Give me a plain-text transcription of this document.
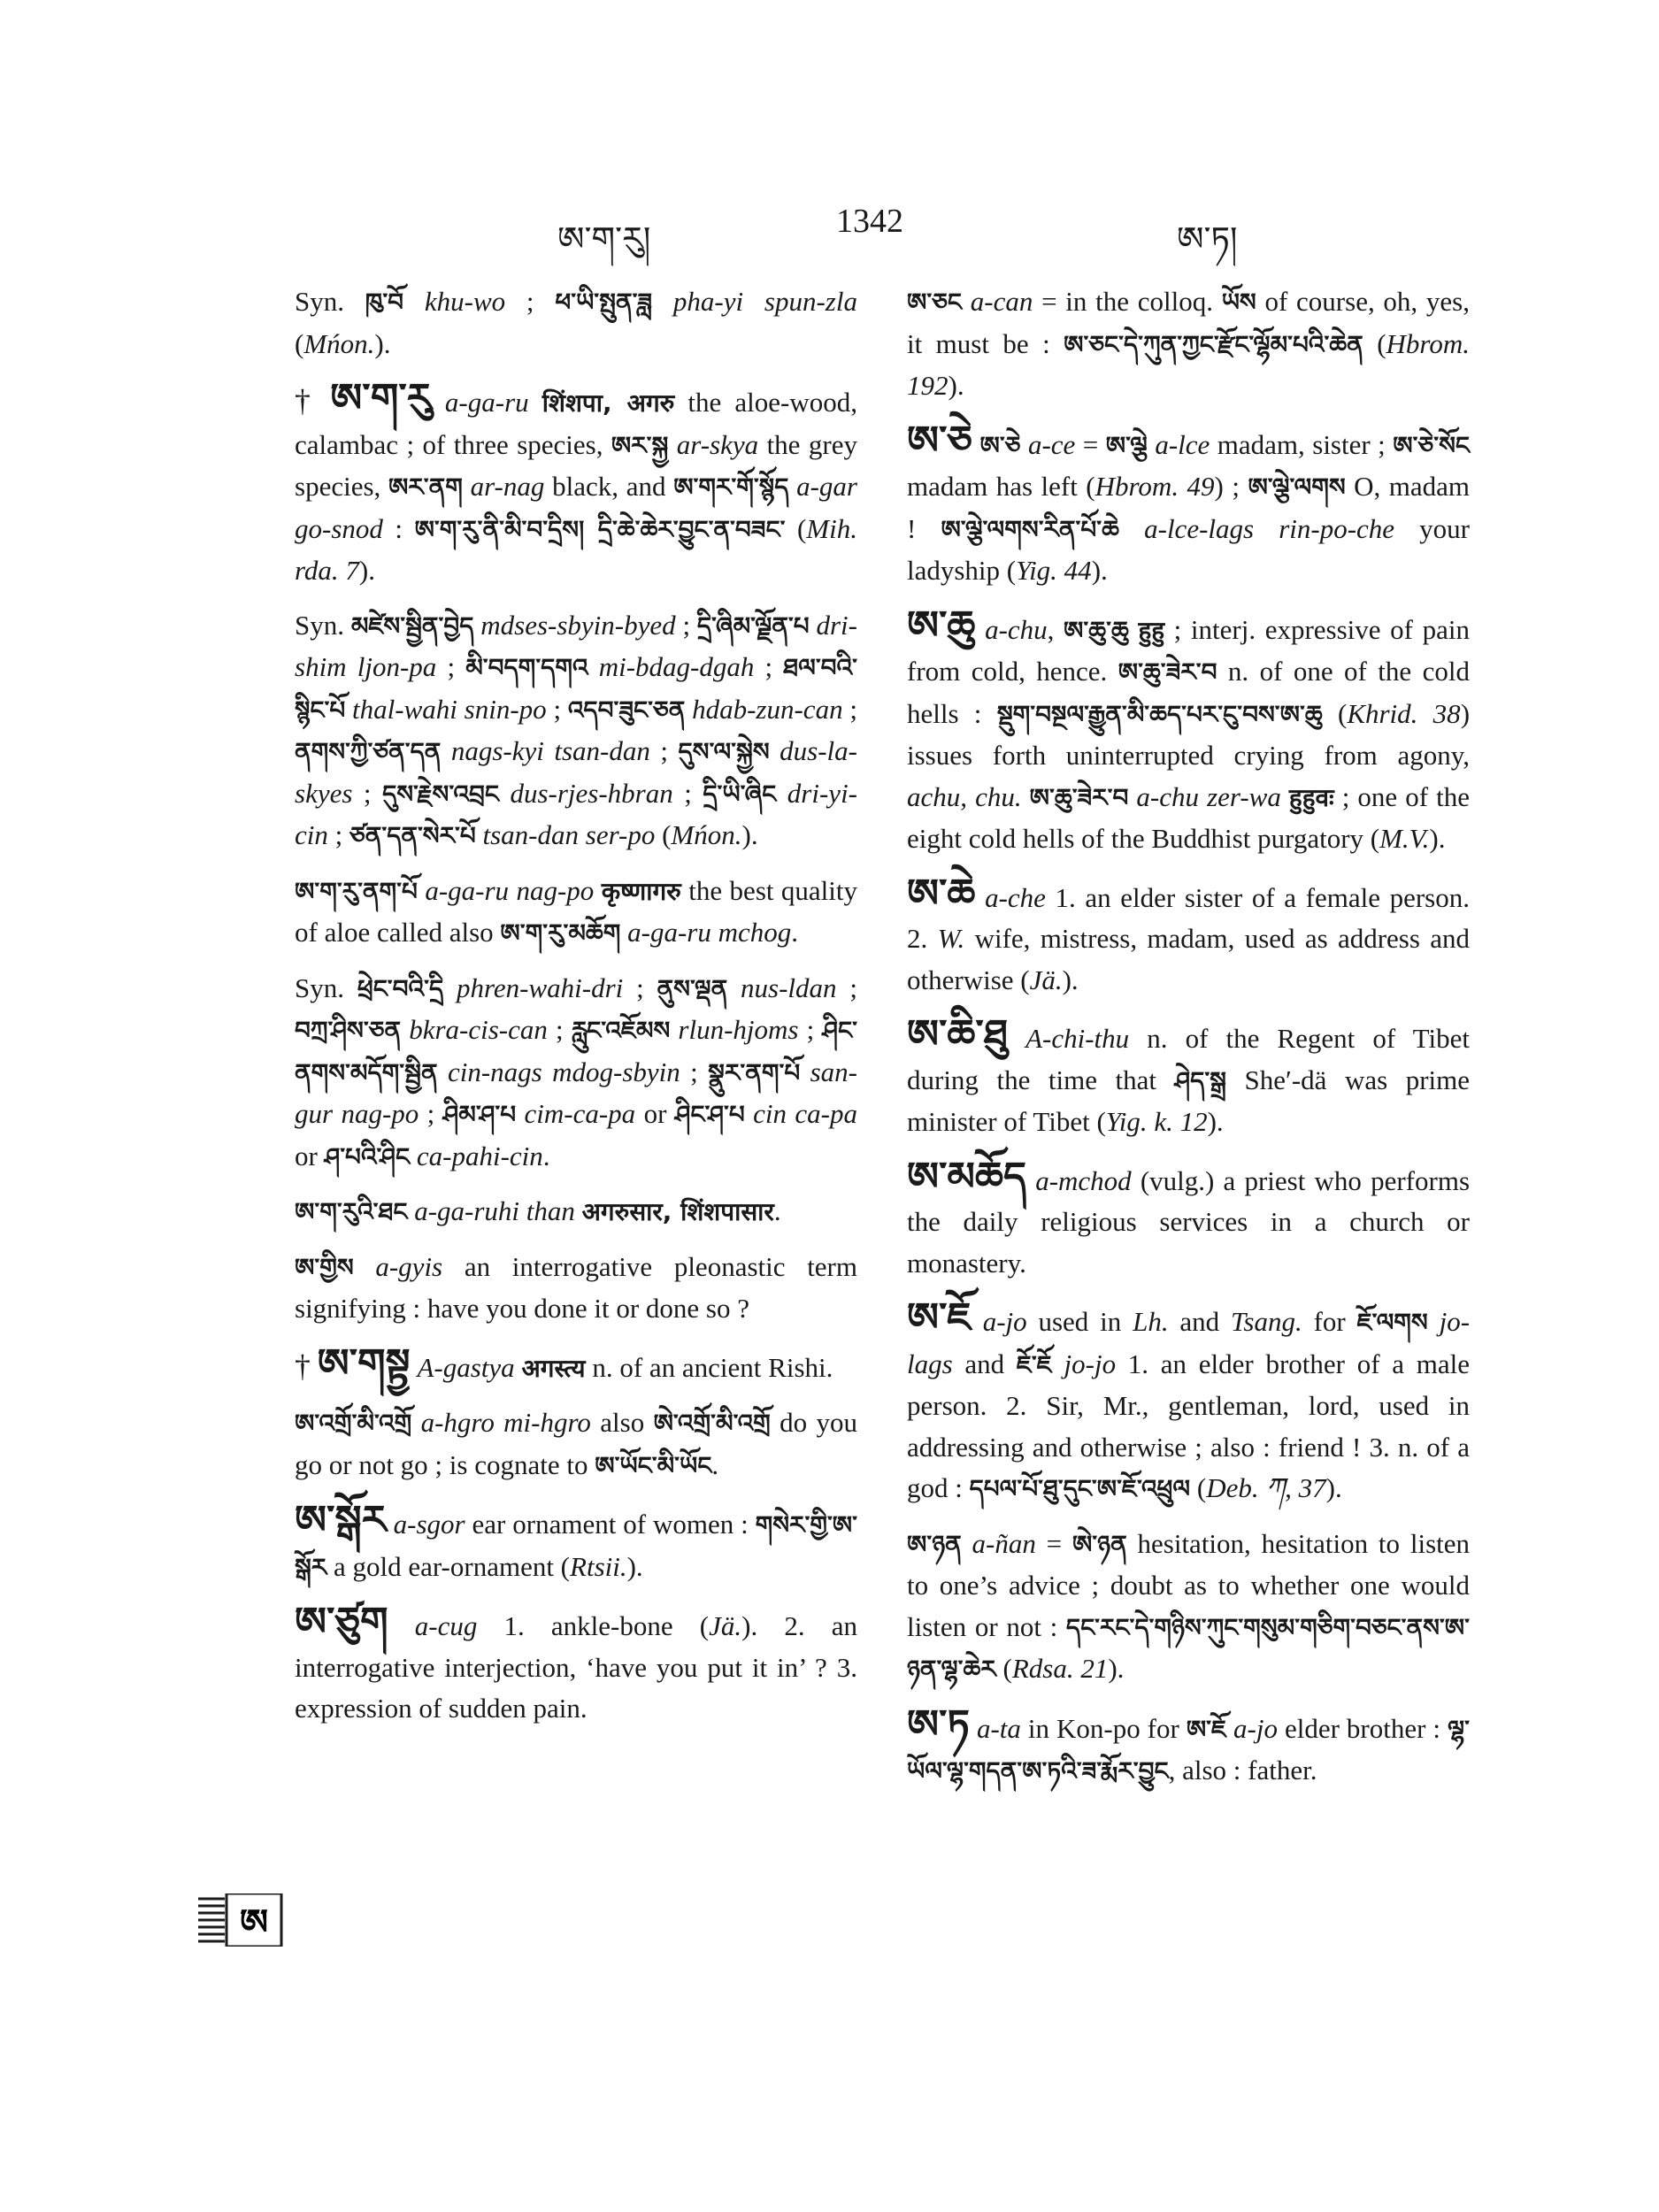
ཨ་ག་རུ།	1342	ཨ་ཏ།

Syn. ཁུ་བོ khu-wo ; ཕ་ཡི་སྤུན་ཟླ pha-yi spun-zla (Mńon.).

† ཨ་ག་རུ a-ga-ru शिंशपा, अगरु the aloe-wood, calambac ; of three species, ཨར་སྐྱ ar-skya the grey species, ཨར་ནག ar-nag black, and ཨ་གར་གོ་སྙོད a-gar go-snod : ཨ་ག་རུ་ནི་མི་བ་དྲིས། དྲི་ཆེ་ཆེར་བྱུང་ན་བཟང་ (Mih. rda. 7).

Syn. མཛེས་སྦྱིན་བྱེད mdses-sbyin-byed ; དྲི་ཞིམ་ལྗོན་པ dri-shim ljon-pa ; མི་བདག་དགའ mi-bdag-dgah ; ཐལ་བའི་སྙིང་པོ thal-wahi snin-po ; འདབ་ཟུང་ཅན hdab-zun-can ; ནགས་ཀྱི་ཙན་དན nags-kyi tsan-dan ; དུས་ལ་སྐྱེས dus-la-skyes ; དུས་རྗེས་འབྲང dus-rjes-hbran ; དྲི་ཡི་ཞིང dri-yi-cin ; ཙན་དན་སེར་པོ tsan-dan ser-po (Mńon.).

ཨ་ག་རུ་ནག་པོ a-ga-ru nag-po कृष्णागरु the best quality of aloe called also ཨ་ག་རུ་མཆོག a-ga-ru mchog.

Syn. ཕྲེང་བའི་དྲི phren-wahi-dri ; ནུས་ལྡན nus-ldan ; བཀྲ་ཤིས་ཅན bkra-cis-can ; རླུང་འཇོམས rlun-hjoms ; ཤིང་ནགས་མདོག་སྦྱིན cin-nags mdog-sbyin ; སྣུར་ནག་པོ san-gur nag-po ; ཤིམ་ཤ་པ cim-ca-pa or ཤིང་ཤ་པ cin ca-pa or ཤ་པའི་ཤིང ca-pahi-cin.

ཨ་ག་རུའི་ཐང a-ga-ruhi than अगरुसार, शिंशपासार.

ཨ་གྱིས a-gyis an interrogative pleonastic term signifying : have you done it or done so ?

† ཨ་གསྟྱ A-gastya अगस्त्य n. of an ancient Rishi.

ཨ་འགྲོ་མི་འགྲོ a-hgro mi-hgro also ཨེ་འགྲོ་མི་འགྲོ do you go or not go ; is cognate to ཨ་ཡོང་མི་ཡོང.

ཨ་སྒོར a-sgor ear ornament of women : གསེར་གྱི་ཨ་སྒོར a gold ear-ornament (Rtsii.).

ཨ་ཙུག a-cug 1. ankle-bone (Jä.). 2. an interrogative interjection, ‘have you put it in’ ? 3. expression of sudden pain.

ཨ་ཅང a-can = in the colloq. ཡོས of course, oh, yes, it must be : ཨ་ཅང་དེ་ཀུན་ཀྱང་རྫོང་ལྷོམ་པའི་ཆེན (Hbrom. 192).

ཨ་ཅེ ཨ་ཅེ a-ce = ཨ་ལྕེ a-lce madam, sister ; ཨ་ཅེ་སོང madam has left (Hbrom. 49) ; ཨ་ལྕེ་ལགས O, madam ! ཨ་ལྕེ་ལགས་རིན་པོ་ཆེ a-lce-lags rin-po-che your ladyship (Yig. 44).

ཨ་ཆུ a-chu, ཨ་ཆུ་ཆུ हुहु ; interj. expressive of pain from cold, hence. ཨ་ཆུ་ཟེར་བ n. of one of the cold hells : སྡུག་བསྔལ་རྒྱུན་མི་ཆད་པར་ངུ་བས་ཨ་ཆུ (Khrid. 38) issues forth uninterrupted crying from agony, achu, chu. ཨ་ཆུ་ཟེར་བ a-chu zer-wa हुहुवः ; one of the eight cold hells of the Buddhist purgatory (M.V.).

ཨ་ཆེ a-che 1. an elder sister of a female person. 2. W. wife, mistress, madam, used as address and otherwise (Jä.).

ཨ་ཆི་ཐུ A-chi-thu n. of the Regent of Tibet during the time that ཤེད་སྒྲ She′-dä was prime minister of Tibet (Yig. k. 12).

ཨ་མཆོད a-mchod (vulg.) a priest who performs the daily religious services in a church or monastery.

ཨ་ཇོ a-jo used in Lh. and Tsang. for ཇོ་ལགས jo-lags and ཇོ་ཇོ jo-jo 1. an elder brother of a male person. 2. Sir, Mr., gentleman, lord, used in addressing and otherwise ; also : friend ! 3. n. of a god : དཔལ་པོ་ཐུ་དུང་ཨ་ཇོ་འཕྲུལ (Deb. ཀ, 37).

ཨ་ཉན a-ñan = ཨེ་ཉན hesitation, hesitation to listen to one’s advice ; doubt as to whether one would listen or not : དང་རང་དེ་གཉིས་ཀུང་གསུམ་གཅིག་བཅང་ནས་ཨ་ཉན་ལྷ་ཆེར (Rdsa. 21).

ཨ་ཏ a-ta in Kon-po for ཨ་ཇོ a-jo elder brother : ལྷ་ཡོལ་ལྷ་གདན་ཨ་ཏའི་ཟ་རྨོར་བྱུང, also : father.

ཨ
